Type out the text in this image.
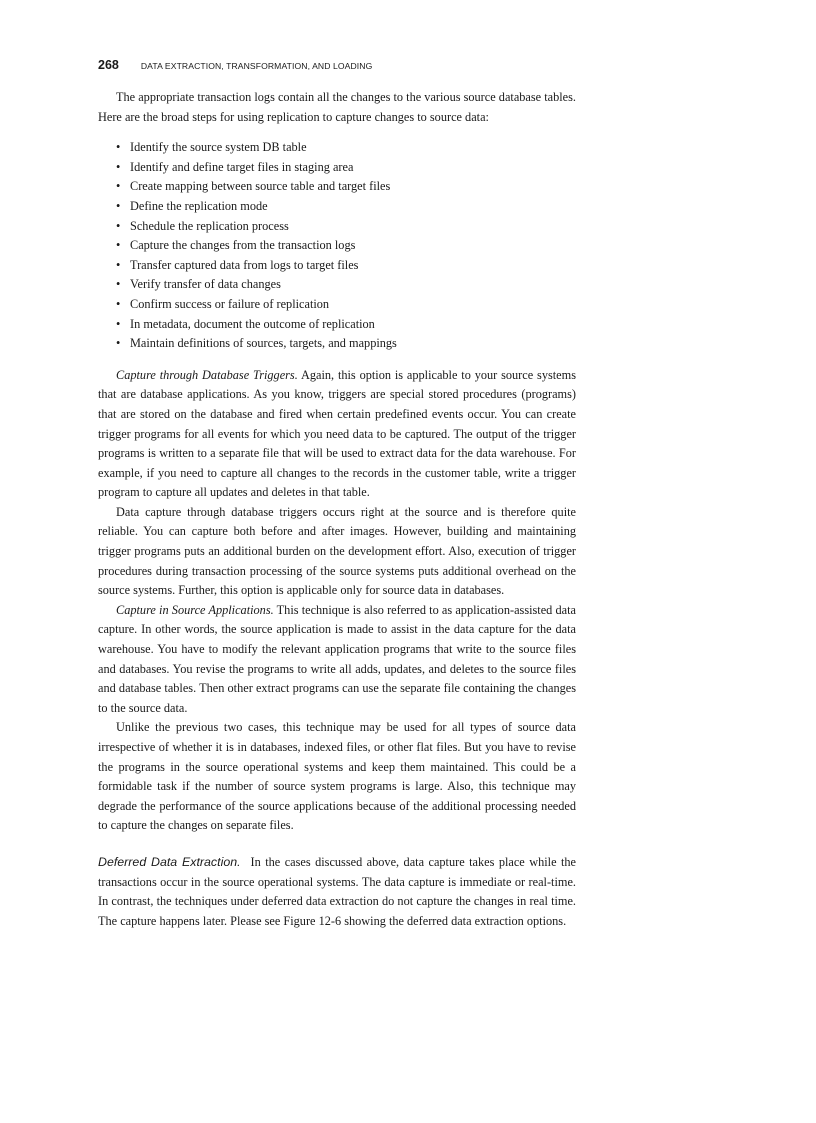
268	DATA EXTRACTION, TRANSFORMATION, AND LOADING

The appropriate transaction logs contain all the changes to the various source database tables. Here are the broad steps for using replication to capture changes to source data:

• Identify the source system DB table
• Identify and define target files in staging area
• Create mapping between source table and target files
• Define the replication mode
• Schedule the replication process
• Capture the changes from the transaction logs
• Transfer captured data from logs to target files
• Verify transfer of data changes
• Confirm success or failure of replication
• In metadata, document the outcome of replication
• Maintain definitions of sources, targets, and mappings

Capture through Database Triggers. Again, this option is applicable to your source systems that are database applications. As you know, triggers are special stored procedures (programs) that are stored on the database and fired when certain predefined events occur. You can create trigger programs for all events for which you need data to be captured. The output of the trigger programs is written to a separate file that will be used to extract data for the data warehouse. For example, if you need to capture all changes to the records in the customer table, write a trigger program to capture all updates and deletes in that table.

Data capture through database triggers occurs right at the source and is therefore quite reliable. You can capture both before and after images. However, building and maintaining trigger programs puts an additional burden on the development effort. Also, execution of trigger procedures during transaction processing of the source systems puts additional overhead on the source systems. Further, this option is applicable only for source data in databases.

Capture in Source Applications. This technique is also referred to as application-assisted data capture. In other words, the source application is made to assist in the data capture for the data warehouse. You have to modify the relevant application programs that write to the source files and databases. You revise the programs to write all adds, updates, and deletes to the source files and database tables. Then other extract programs can use the separate file containing the changes to the source data.

Unlike the previous two cases, this technique may be used for all types of source data irrespective of whether it is in databases, indexed files, or other flat files. But you have to revise the programs in the source operational systems and keep them maintained. This could be a formidable task if the number of source system programs is large. Also, this technique may degrade the performance of the source applications because of the additional processing needed to capture the changes on separate files.

Deferred Data Extraction. In the cases discussed above, data capture takes place while the transactions occur in the source operational systems. The data capture is immediate or real-time. In contrast, the techniques under deferred data extraction do not capture the changes in real time. The capture happens later. Please see Figure 12-6 showing the deferred data extraction options.
